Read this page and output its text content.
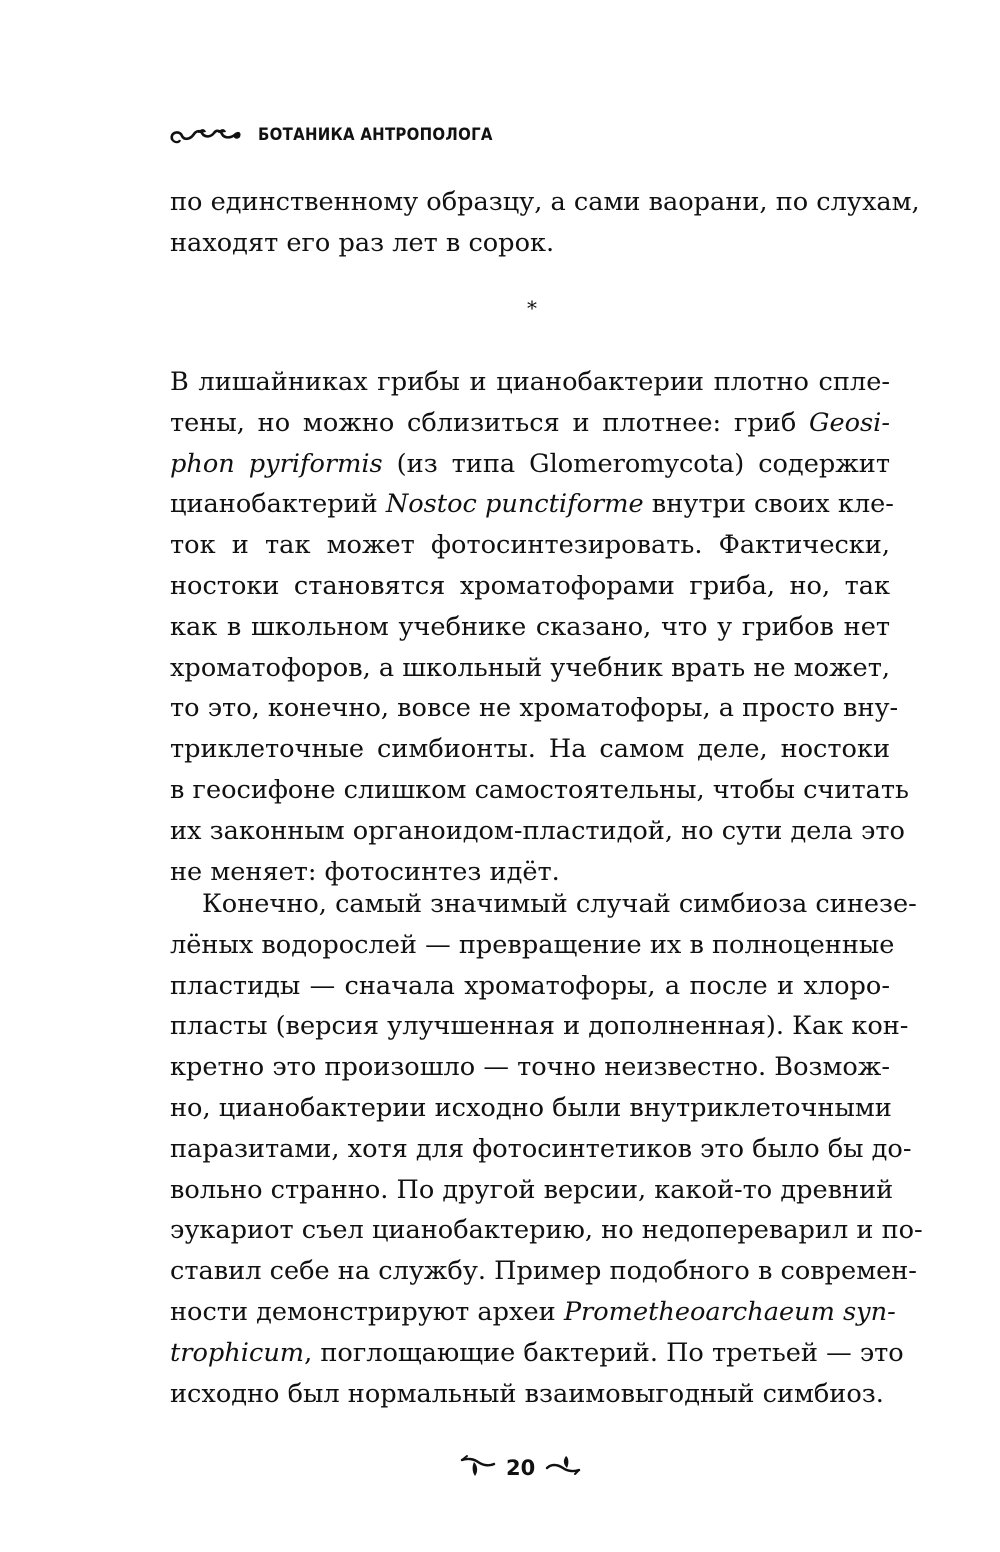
БОТАНИКА АНТРОПОЛОГА
по единственному образцу, а сами ваорани, по слухам,
находят его раз лет в сорок.
*
В лишайниках грибы и цианобактерии плотно спле-
тены, но можно сблизиться и плотнее: гриб Geosi-
phon pyriformis (из типа Glomeromycota) содержит
цианобактерий Nostoc punctiforme внутри своих кле-
ток и так может фотосинтезировать. Фактически,
ностоки становятся хроматофорами гриба, но, так
как в школьном учебнике сказано, что у грибов нет
хроматофоров, а школьный учебник врать не может,
то это, конечно, вовсе не хроматофоры, а просто вну-
триклеточные симбионты. На самом деле, ностоки
в геосифоне слишком самостоятельны, чтобы считать
их законным органоидом-пластидой, но сути дела это
не меняет: фотосинтез идёт.
Конечно, самый значимый случай симбиоза синезе-
лёных водорослей — превращение их в полноценные
пластиды — сначала хроматофоры, а после и хлоро-
пласты (версия улучшенная и дополненная). Как кон-
кретно это произошло — точно неизвестно. Возмож-
но, цианобактерии исходно были внутриклеточными
паразитами, хотя для фотосинтетиков это было бы до-
вольно странно. По другой версии, какой-то древний
эукариот съел цианобактерию, но недопереварил и по-
ставил себе на службу. Пример подобного в современ-
ности демонстрируют археи Prometheoarchaeum syn-
trophicum, поглощающие бактерий. По третьей — это
исходно был нормальный взаимовыгодный симбиоз.
20
